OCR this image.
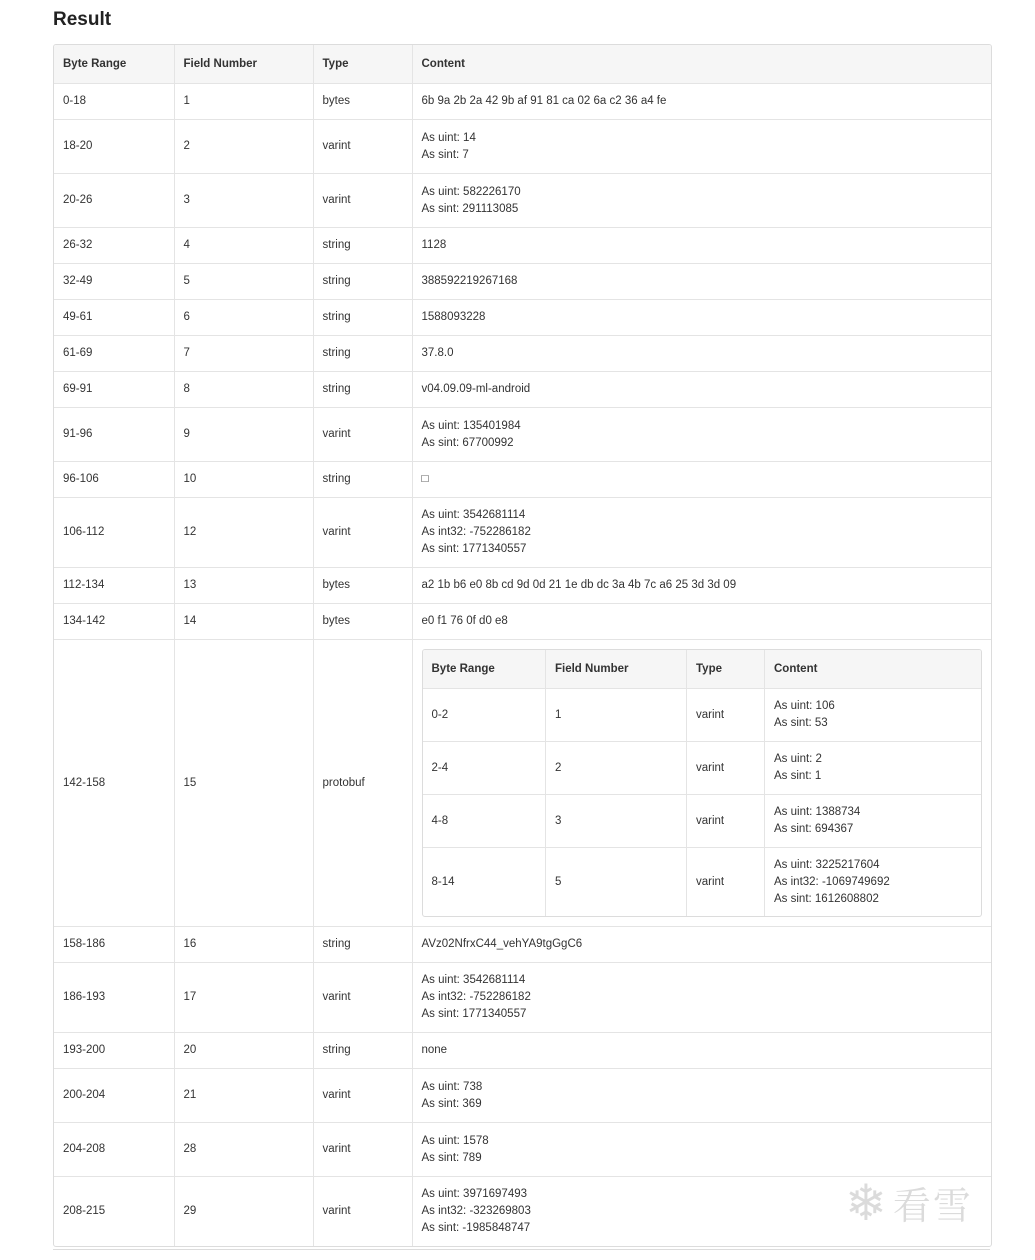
Result
Byte Range	Field Number	Type	Content
0-18	1	bytes	6b 9a 2b 2a 42 9b af 91 81 ca 02 6a c2 36 a4 fe

18-20	2	varint	
As uint: 14
As sint: 7

20-26	3	varint	
As uint: 582226170
As sint: 291113085

26-32	4	string	1128

32-49	5	string	388592219267168

49-61	6	string	1588093228

61-69	7	string	37.8.0

69-91	8	string	v04.09.09-ml-android

91-96	9	varint	
As uint: 135401984
As sint: 67700992

96-106	10	string	□

106-112	12	varint	
As uint: 3542681114
As int32: -752286182
As sint: 1771340557

112-134	13	bytes	a2 1b b6 e0 8b cd 9d 0d 21 1e db dc 3a 4b 7c a6 25 3d 3d 09

134-142	14	bytes	e0 f1 76 0f d0 e8

142-158	15	protobuf	
Byte Range	Field Number	Type	Content
0-2	1	varint	
As uint: 106
As sint: 53

2-4	2	varint	
As uint: 2
As sint: 1

4-8	3	varint	
As uint: 1388734
As sint: 694367

8-14	5	varint	
As uint: 3225217604
As int32: -1069749692
As sint: 1612608802

158-186	16	string	AVz02NfrxC44_vehYA9tgGgC6

186-193	17	varint	
As uint: 3542681114
As int32: -752286182
As sint: 1771340557

193-200	20	string	none

200-204	21	varint	
As uint: 738
As sint: 369

204-208	28	varint	
As uint: 1578
As sint: 789

208-215	29	varint	
As uint: 3971697493
As int32: -323269803
As sint: -1985848747	❄ 看雪
